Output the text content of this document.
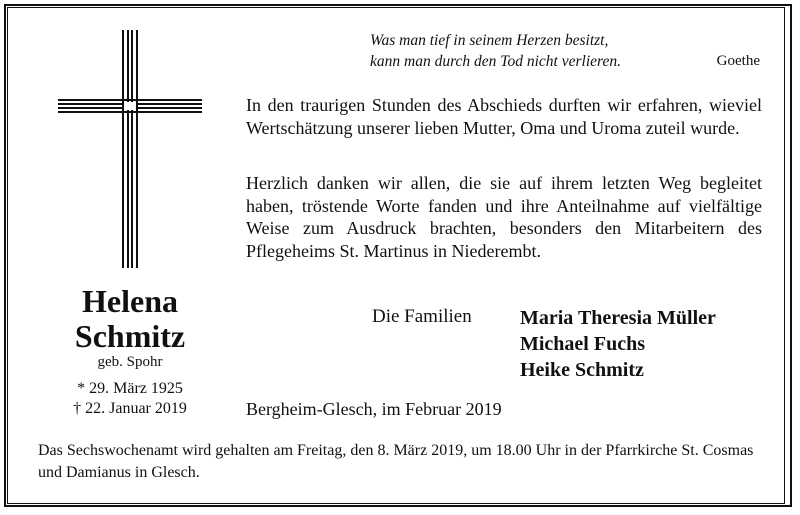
Was man tief in seinem Herzen besitzt,
kann man durch den Tod nicht verlieren.	Goethe
Helena
Schmitz
geb. Spohr
* 29. März 1925
† 22. Januar 2019
In den traurigen Stunden des Abschieds durften wir erfahren, wieviel Wertschätzung unserer lieben Mutter, Oma und Uroma zuteil wurde.
Herzlich danken wir allen, die sie auf ihrem letzten Weg begleitet haben, tröstende Worte fanden und ihre Anteilnahme auf vielfältige Weise zum Ausdruck brachten, besonders den Mitarbeitern des Pflegeheims St. Martinus in Niederembt.
Die Familien Maria Theresia Müller
Michael Fuchs
Heike Schmitz
Bergheim-Glesch, im Februar 2019
Das Sechswochenamt wird gehalten am Freitag, den 8. März 2019, um 18.00 Uhr in der Pfarrkirche St. Cosmas und Damianus in Glesch.
